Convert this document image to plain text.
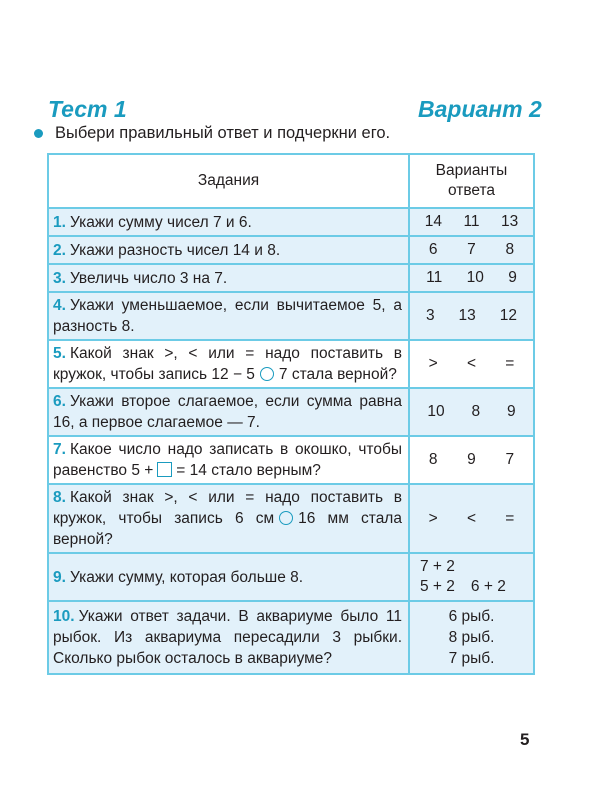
Тест 1	Вариант 2
Выбери правильный ответ и подчеркни его.
Задания	Варианты
ответа
1. Укажи сумму чисел 7 и 6.	14 11 13

2. Укажи разность чисел 14 и 8.	6 7 8

3. Увеличь число 3 на 7.	11 10 9

4. Укажи уменьшаемое, если вычитаемое 5, а разность 8.	3 13 12

5. Какой знак >, < или = надо поставить в кружок, чтобы запись 12 − 5 7 стала верной?	> < =

6. Укажи второе слагаемое, если сумма равна 16, а первое слагаемое — 7.	10 8 9

7. Какое число надо записать в окошко, чтобы равенство 5 + = 14 стало верным?	8 9 7

8. Какой знак >, < или = надо поставить в кружок, чтобы запись 6 см 16 мм стала верной?	> < =

9. Укажи сумму, которая больше 8.	7 + 2
5 + 2 6 + 2

10. Укажи ответ задачи. В аквариуме было 11 рыбок. Из аквариума пересадили 3 рыбки. Сколько рыбок осталось в аквариуме?	6 рыб.
8 рыб.
7 рыб.
5
